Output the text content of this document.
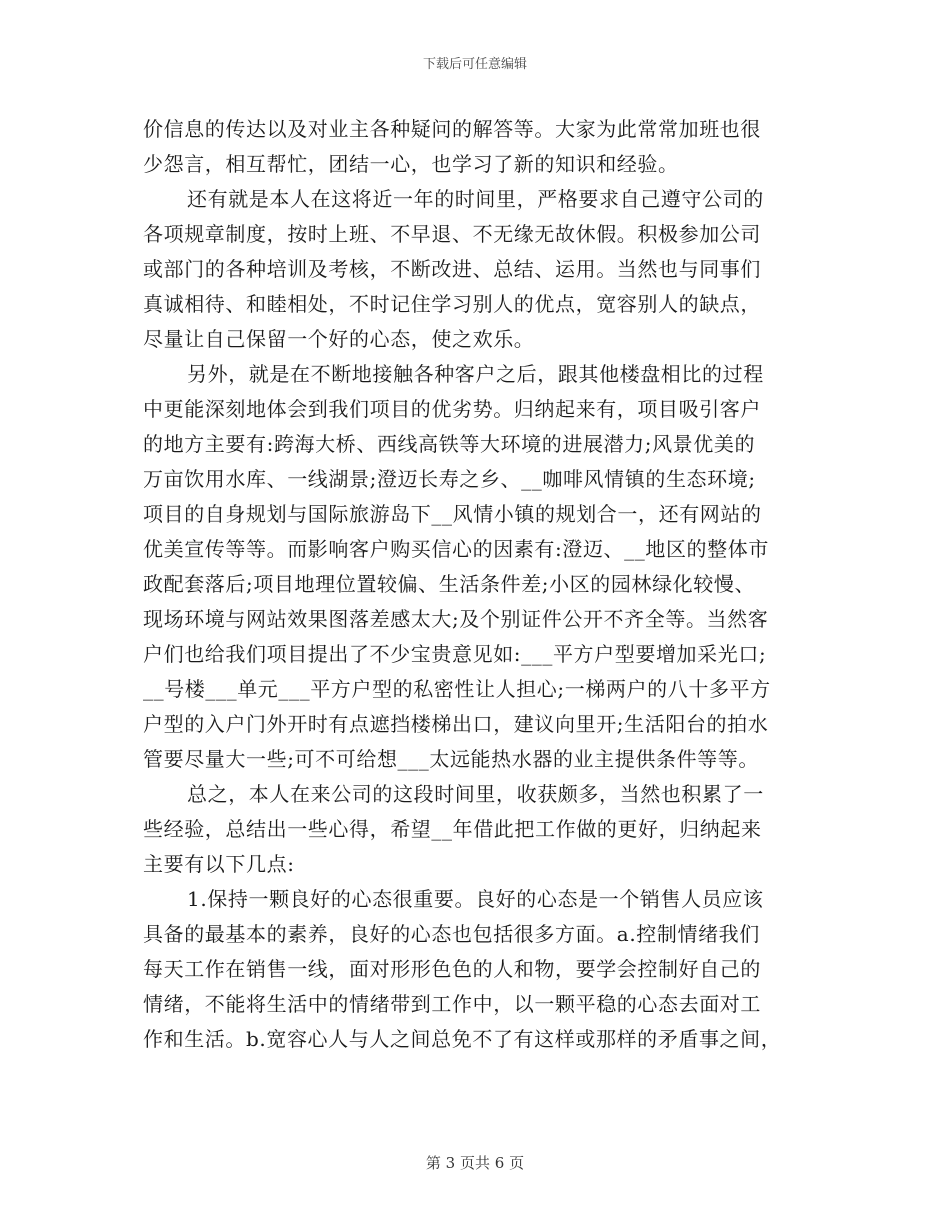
下载后可任意编辑
价信息的传达以及对业主各种疑问的解答等。大家为此常常加班也很
少怨言，相互帮忙，团结一心，也学习了新的知识和经验。
还有就是本人在这将近一年的时间里，严格要求自己遵守公司的
各项规章制度，按时上班、不早退、不无缘无故休假。积极参加公司
或部门的各种培训及考核，不断改进、总结、运用。当然也与同事们
真诚相待、和睦相处，不时记住学习别人的优点，宽容别人的缺点，
尽量让自己保留一个好的心态，使之欢乐。
另外，就是在不断地接触各种客户之后，跟其他楼盘相比的过程
中更能深刻地体会到我们项目的优劣势。归纳起来有，项目吸引客户
的地方主要有:跨海大桥、西线高铁等大环境的进展潜力;风景优美的
万亩饮用水库、一线湖景;澄迈长寿之乡、__咖啡风情镇的生态环境;
项目的自身规划与国际旅游岛下__风情小镇的规划合一，还有网站的
优美宣传等等。而影响客户购买信心的因素有:澄迈、__地区的整体市
政配套落后;项目地理位置较偏、生活条件差;小区的园林绿化较慢、
现场环境与网站效果图落差感太大;及个别证件公开不齐全等。当然客
户们也给我们项目提出了不少宝贵意见如:___平方户型要增加采光口;
__号楼___单元___平方户型的私密性让人担心;一梯两户的八十多平方
户型的入户门外开时有点遮挡楼梯出口，建议向里开;生活阳台的拍水
管要尽量大一些;可不可给想___太远能热水器的业主提供条件等等。
总之，本人在来公司的这段时间里，收获颇多，当然也积累了一
些经验，总结出一些心得，希望__年借此把工作做的更好，归纳起来
主要有以下几点:
1.保持一颗良好的心态很重要。良好的心态是一个销售人员应该
具备的最基本的素养，良好的心态也包括很多方面。a.控制情绪我们
每天工作在销售一线，面对形形色色的人和物，要学会控制好自己的
情绪，不能将生活中的情绪带到工作中，以一颗平稳的心态去面对工
作和生活。b.宽容心人与人之间总免不了有这样或那样的矛盾事之间，
第 3 页共 6 页
